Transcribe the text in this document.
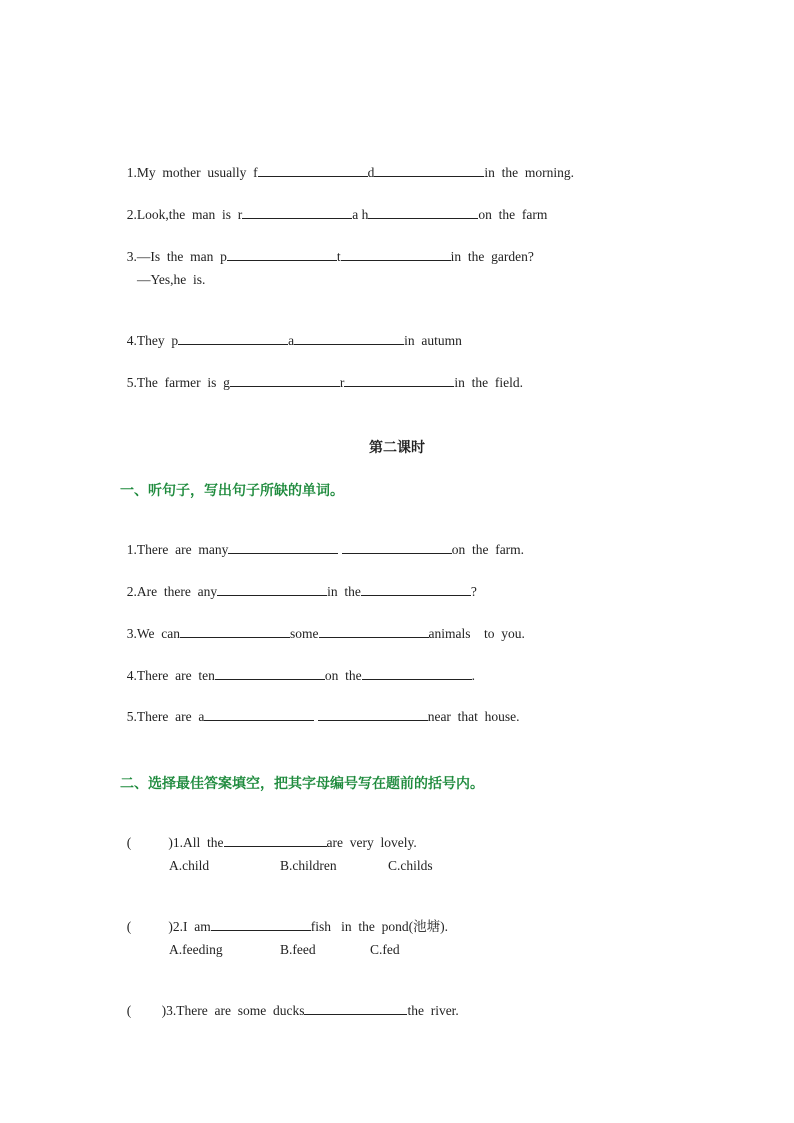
1.My  mother  usually  f	d	in  the  morning.

2.Look,the  man  is  r	a h	on  the  farm

3.—Is  the  man  p	t	in  the  garden?

—Yes,he  is.

4.They  p	a	in  autumn

5.The  farmer  is  g	r	in  the  field.

第二课时
一、听句子，写出句子所缺的单词。

1.There  are  many	on  the  farm.

2.Are  there  any	in  the	?

3.We  can	some	animals    to  you.

4.There  are  ten	on  the	.

5.There  are  a	near  that  house.

二、选择最佳答案填空，把其字母编号写在题前的括号内。

(           )1.All  the	are  very  lovely.

A.child	B.children	C.childs

(           )2.I  am	fish   in  the  pond(池塘).

A.feeding	B.feed	C.fed

(         )3.There  are  some  ducks	the  river.
